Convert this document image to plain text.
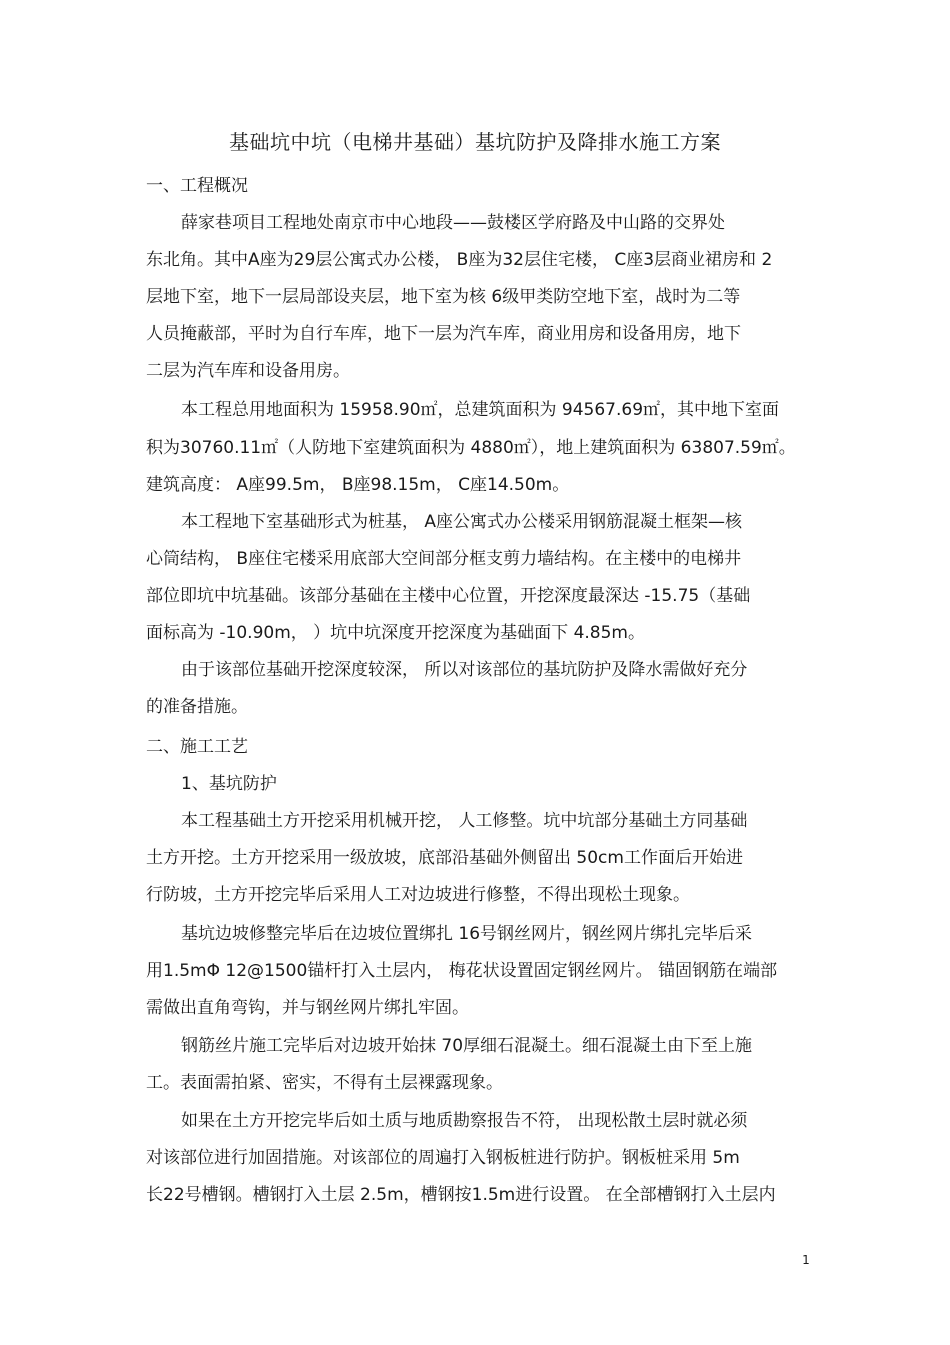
基础坑中坑（电梯井基础）基坑防护及降排水施工方案
一、工程概况
薛家巷项目工程地处南京市中心地段——鼓楼区学府路及中山路的交界处
东北角。其中A座为29层公寓式办公楼， B座为32层住宅楼， C座3层商业裙房和 2
层地下室，地下一层局部设夹层，地下室为核 6级甲类防空地下室，战时为二等
人员掩蔽部，平时为自行车库，地下一层为汽车库，商业用房和设备用房，地下
二层为汽车库和设备用房。
本工程总用地面积为 15958.90㎡，总建筑面积为 94567.69㎡，其中地下室面
积为30760.11㎡（人防地下室建筑面积为 4880㎡），地上建筑面积为 63807.59㎡。
建筑高度： A座99.5m， B座98.15m， C座14.50m。
本工程地下室基础形式为桩基， A座公寓式办公楼采用钢筋混凝土框架—核
心筒结构， B座住宅楼采用底部大空间部分框支剪力墙结构。在主楼中的电梯井
部位即坑中坑基础。该部分基础在主楼中心位置，开挖深度最深达 -15.75（基础
面标高为 -10.90m， ）坑中坑深度开挖深度为基础面下 4.85m。
由于该部位基础开挖深度较深， 所以对该部位的基坑防护及降水需做好充分
的准备措施。
二、施工工艺
1、基坑防护
本工程基础土方开挖采用机械开挖， 人工修整。坑中坑部分基础土方同基础
土方开挖。土方开挖采用一级放坡，底部沿基础外侧留出 50cm工作面后开始进
行防坡，土方开挖完毕后采用人工对边坡进行修整，不得出现松土现象。
基坑边坡修整完毕后在边坡位置绑扎 16号钢丝网片，钢丝网片绑扎完毕后采
用1.5mΦ 12@1500锚杆打入土层内， 梅花状设置固定钢丝网片。 锚固钢筋在端部
需做出直角弯钩，并与钢丝网片绑扎牢固。
钢筋丝片施工完毕后对边坡开始抹 70厚细石混凝土。细石混凝土由下至上施
工。表面需拍紧、密实，不得有土层裸露现象。
如果在土方开挖完毕后如土质与地质勘察报告不符， 出现松散土层时就必须
对该部位进行加固措施。对该部位的周遍打入钢板桩进行防护。钢板桩采用 5m
长22号槽钢。槽钢打入土层 2.5m，槽钢按1.5m进行设置。 在全部槽钢打入土层内
1
